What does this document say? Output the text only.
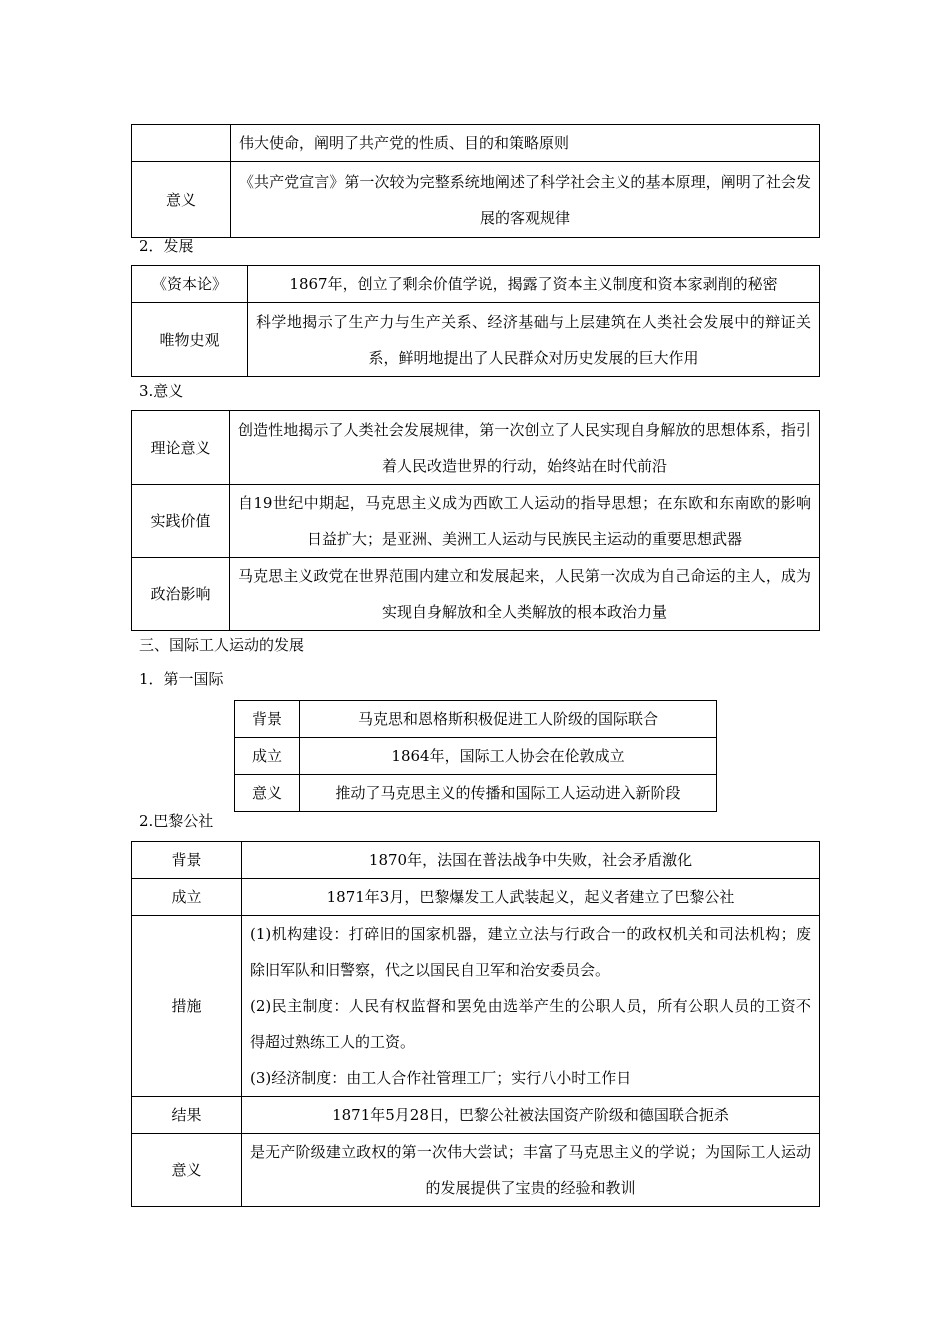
	伟大使命，阐明了共产党的性质、目的和策略原则
意义	《共产党宣言》第一次较为完整系统地阐述了科学社会主义的基本原理，阐明了社会发展的客观规律
2．发展
《资本论》	1867年，创立了剩余价值学说，揭露了资本主义制度和资本家剥削的秘密
唯物史观	科学地揭示了生产力与生产关系、经济基础与上层建筑在人类社会发展中的辩证关系，鲜明地提出了人民群众对历史发展的巨大作用
3.意义
理论意义	创造性地揭示了人类社会发展规律，第一次创立了人民实现自身解放的思想体系，指引着人民改造世界的行动，始终站在时代前沿
实践价值	自19世纪中期起，马克思主义成为西欧工人运动的指导思想；在东欧和东南欧的影响日益扩大；是亚洲、美洲工人运动与民族民主运动的重要思想武器
政治影响	马克思主义政党在世界范围内建立和发展起来，人民第一次成为自己命运的主人，成为实现自身解放和全人类解放的根本政治力量
三、国际工人运动的发展
1．第一国际
背景	马克思和恩格斯积极促进工人阶级的国际联合
成立	1864年，国际工人协会在伦敦成立
意义	推动了马克思主义的传播和国际工人运动进入新阶段
2.巴黎公社
背景	1870年，法国在普法战争中失败，社会矛盾激化
成立	1871年3月，巴黎爆发工人武装起义，起义者建立了巴黎公社
措施	(1)机构建设：打碎旧的国家机器，建立立法与行政合一的政权机关和司法机构；废除旧军队和旧警察，代之以国民自卫军和治安委员会。
(2)民主制度：人民有权监督和罢免由选举产生的公职人员，所有公职人员的工资不得超过熟练工人的工资。
(3)经济制度：由工人合作社管理工厂；实行八小时工作日

结果	1871年5月28日，巴黎公社被法国资产阶级和德国联合扼杀
意义	是无产阶级建立政权的第一次伟大尝试；丰富了马克思主义的学说；为国际工人运动的发展提供了宝贵的经验和教训
